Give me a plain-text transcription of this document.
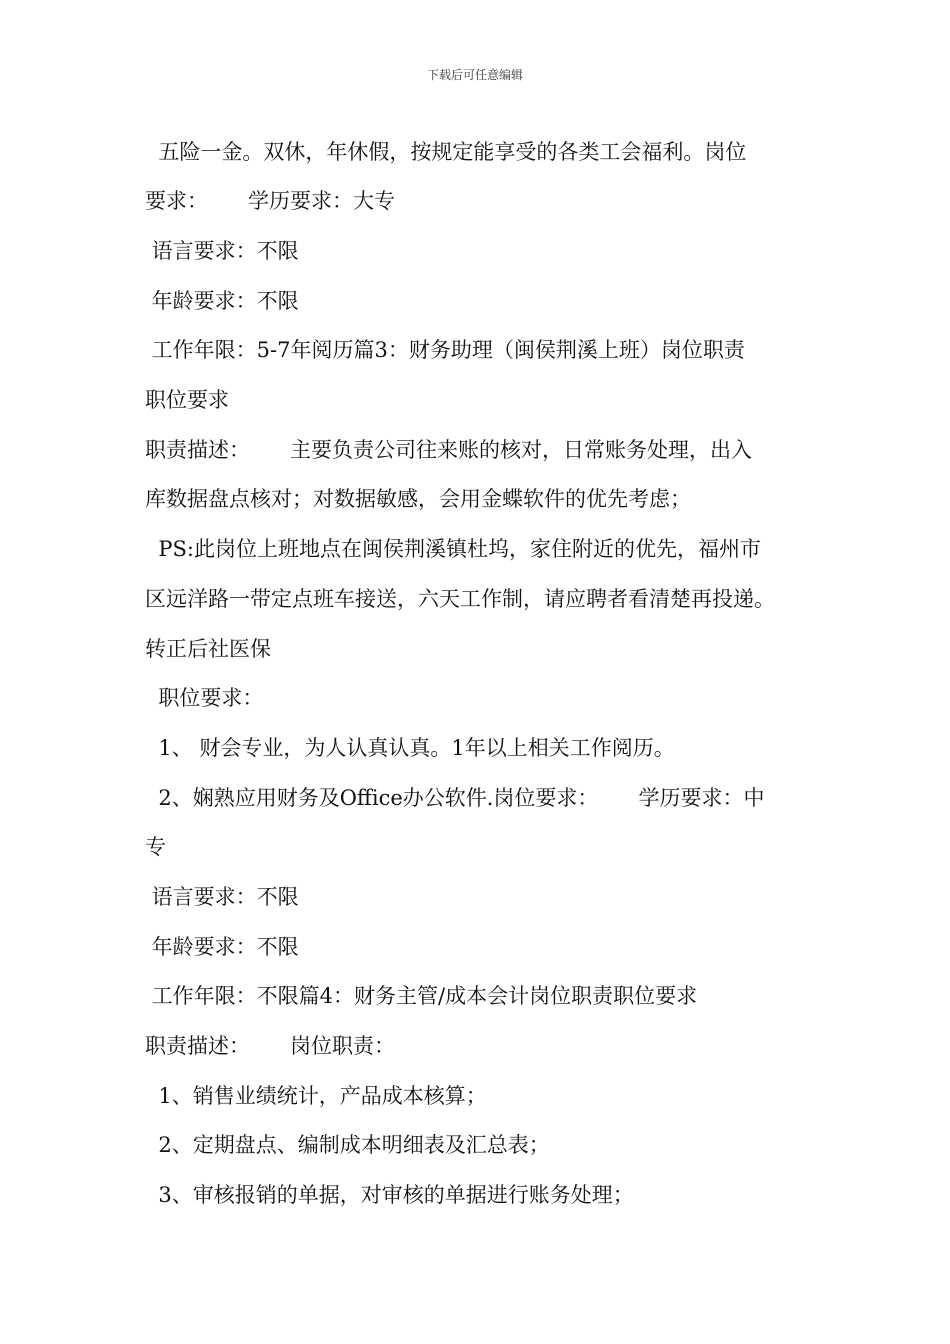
下载后可任意编辑
五险一金。双休，年休假，按规定能享受的各类工会福利。岗位
要求：      学历要求：大专
语言要求：不限
年龄要求：不限
工作年限：5-7年阅历篇3：财务助理（闽侯荆溪上班）岗位职责
职位要求
职责描述：      主要负责公司往来账的核对，日常账务处理，出入
库数据盘点核对；对数据敏感，会用金蝶软件的优先考虑；
PS:此岗位上班地点在闽侯荆溪镇杜坞，家住附近的优先，福州市
区远洋路一带定点班车接送，六天工作制，请应聘者看清楚再投递。
转正后社医保
职位要求：
1、 财会专业，为人认真认真。1年以上相关工作阅历。
2、娴熟应用财务及Office办公软件.岗位要求：      学历要求：中
专
语言要求：不限
年龄要求：不限
工作年限：不限篇4：财务主管/成本会计岗位职责职位要求
职责描述：      岗位职责：
1、销售业绩统计，产品成本核算；
2、定期盘点、编制成本明细表及汇总表；
3、审核报销的单据，对审核的单据进行账务处理；
